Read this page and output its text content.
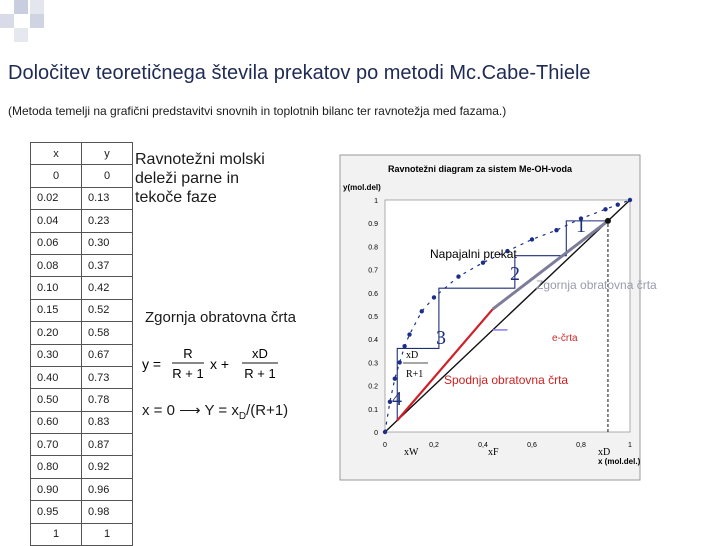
Določitev teoretičnega števila prekatov po metodi Mc.Cabe-Thiele
(Metoda temelji na grafični predstavitvi snovnih in toplotnih bilanc ter ravnotežja med fazama.)
x	y
0	0
0.02	0.13
0.04	0.23
0.06	0.30
0.08	0.37
0.10	0.42
0.15	0.52
0.20	0.58
0.30	0.67
0.40	0.73
0.50	0.78
0.60	0.83
0.70	0.87
0.80	0.92
0.90	0.96
0.95	0.98
1	1
Ravnotežni molski deleži parne in tekoče faze
Zgornja obratovna črta
y =
R
R + 1
x +
xD
R + 1
x = 0 ⟶ $Y = x_D/(R+1)$
Ravnotežni diagram za sistem Me-OH-voda
y(mol.del)
x (mol.del.)
0
0.1
0.2
0.3
0.4
0.5
0.6
0.7
0.8
0.9
1
0	0,2	0,4	0,6	0,8	1
1
2
3
4
Napajalni prekat
Zgornja obratovna črta
e-črta
Spodnja obratovna črta
xD
R+1
xW	xF	xD
